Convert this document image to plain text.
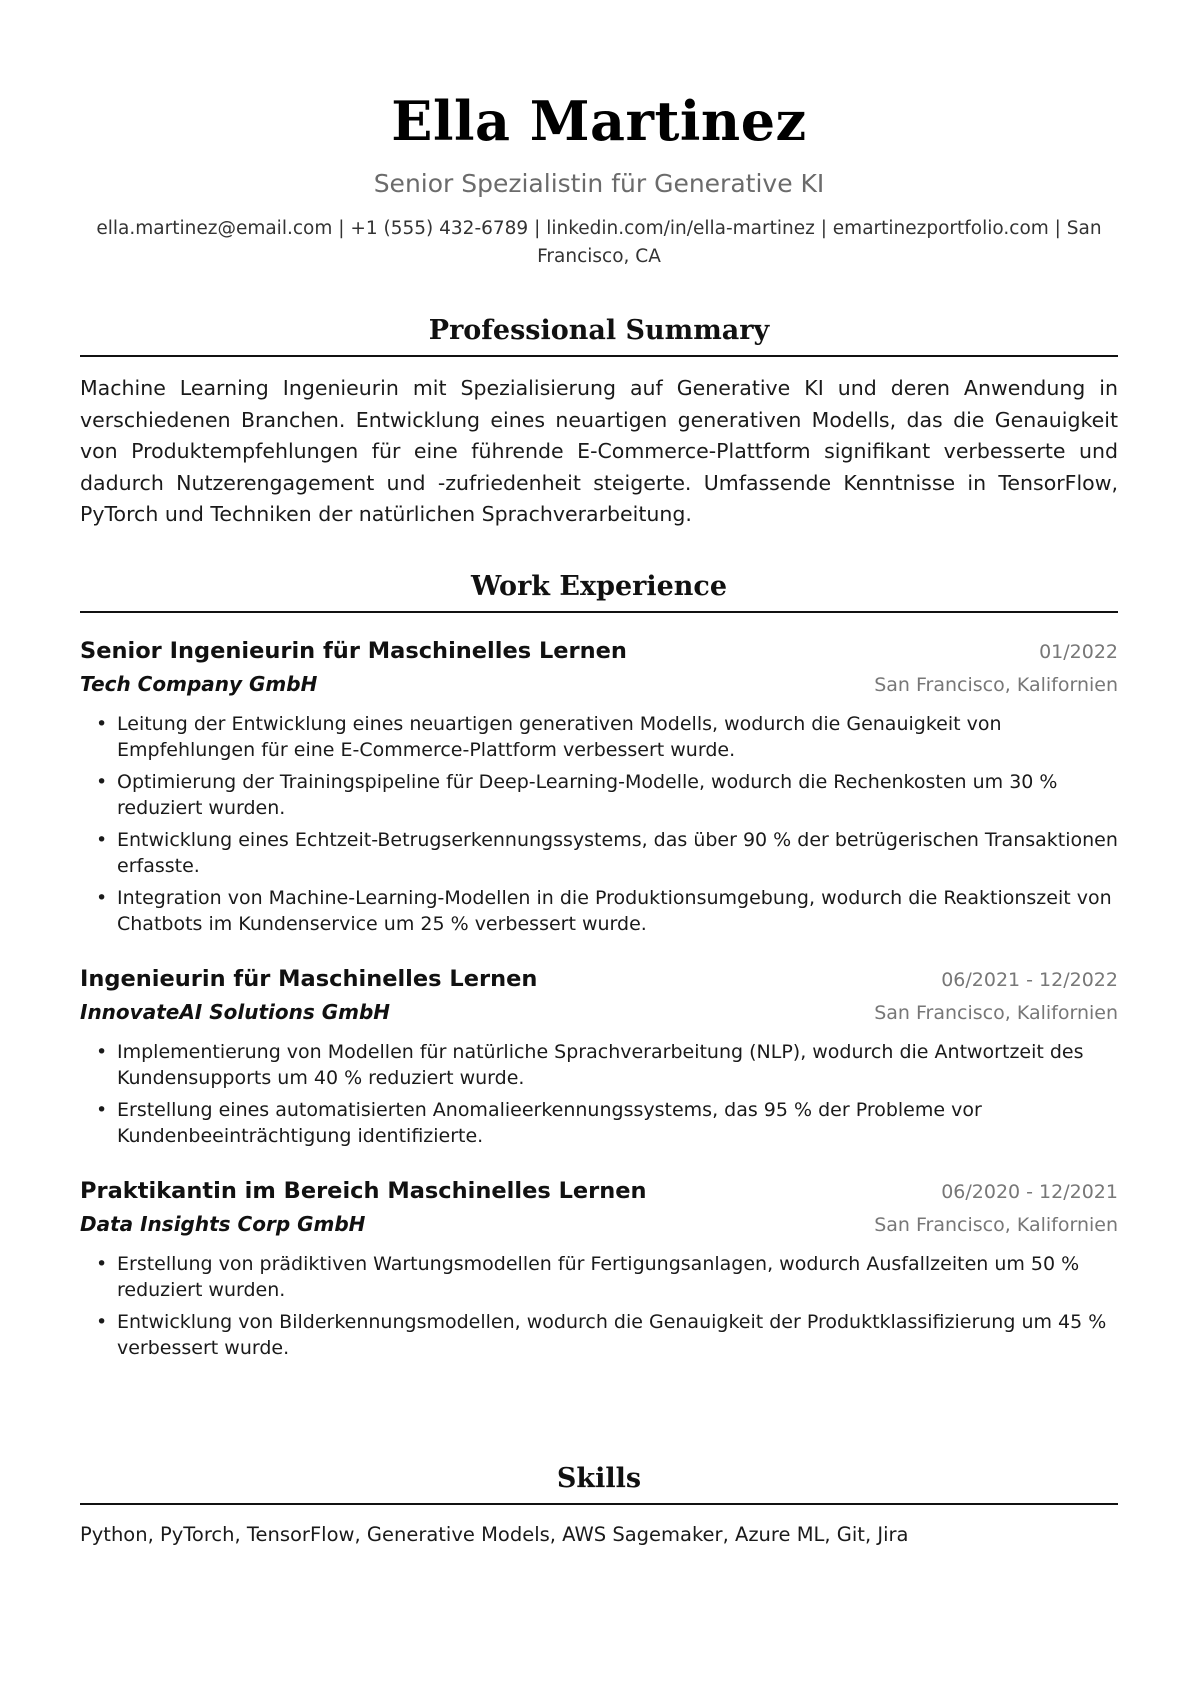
Ella Martinez
Senior Spezialistin für Generative KI
ella.martinez@email.com | +1 (555) 432-6789 | linkedin.com/in/ella-martinez | emartinezportfolio.com | San Francisco, CA
Professional Summary

Machine Learning Ingenieurin mit Spezialisierung auf Generative KI und deren Anwendung in verschiedenen Branchen. Entwicklung eines neuartigen generativen Modells, das die Genauigkeit von Produktempfehlungen für eine führende E-Commerce-Plattform signifikant verbesserte und dadurch Nutzerengagement und -zufriedenheit steigerte. Umfassende Kenntnisse in TensorFlow, PyTorch und Techniken der natürlichen Sprachverarbeitung.

Work Experience
Senior Ingenieurin für Maschinelles Lernen	01/2022
Tech Company GmbH	San Francisco, Kalifornien
• Leitung der Entwicklung eines neuartigen generativen Modells, wodurch die Genauigkeit von Empfehlungen für eine E-Commerce-Plattform verbessert wurde.
• Optimierung der Trainingspipeline für Deep-Learning-Modelle, wodurch die Rechenkosten um 30 % reduziert wurden.
• Entwicklung eines Echtzeit-Betrugserkennungssystems, das über 90 % der betrügerischen Transaktionen erfasste.
• Integration von Machine-Learning-Modellen in die Produktionsumgebung, wodurch die Reaktionszeit von Chatbots im Kundenservice um 25 % verbessert wurde.
Ingenieurin für Maschinelles Lernen	06/2021 - 12/2022
InnovateAI Solutions GmbH	San Francisco, Kalifornien
• Implementierung von Modellen für natürliche Sprachverarbeitung (NLP), wodurch die Antwortzeit des Kundensupports um 40 % reduziert wurde.
• Erstellung eines automatisierten Anomalieerkennungssystems, das 95 % der Probleme vor Kundenbeeinträchtigung identifizierte.
Praktikantin im Bereich Maschinelles Lernen	06/2020 - 12/2021
Data Insights Corp GmbH	San Francisco, Kalifornien
• Erstellung von prädiktiven Wartungsmodellen für Fertigungsanlagen, wodurch Ausfallzeiten um 50 % reduziert wurden.
• Entwicklung von Bilderkennungsmodellen, wodurch die Genauigkeit der Produktklassifizierung um 45 % verbessert wurde.
Skills

Python, PyTorch, TensorFlow, Generative Models, AWS Sagemaker, Azure ML, Git, Jira
